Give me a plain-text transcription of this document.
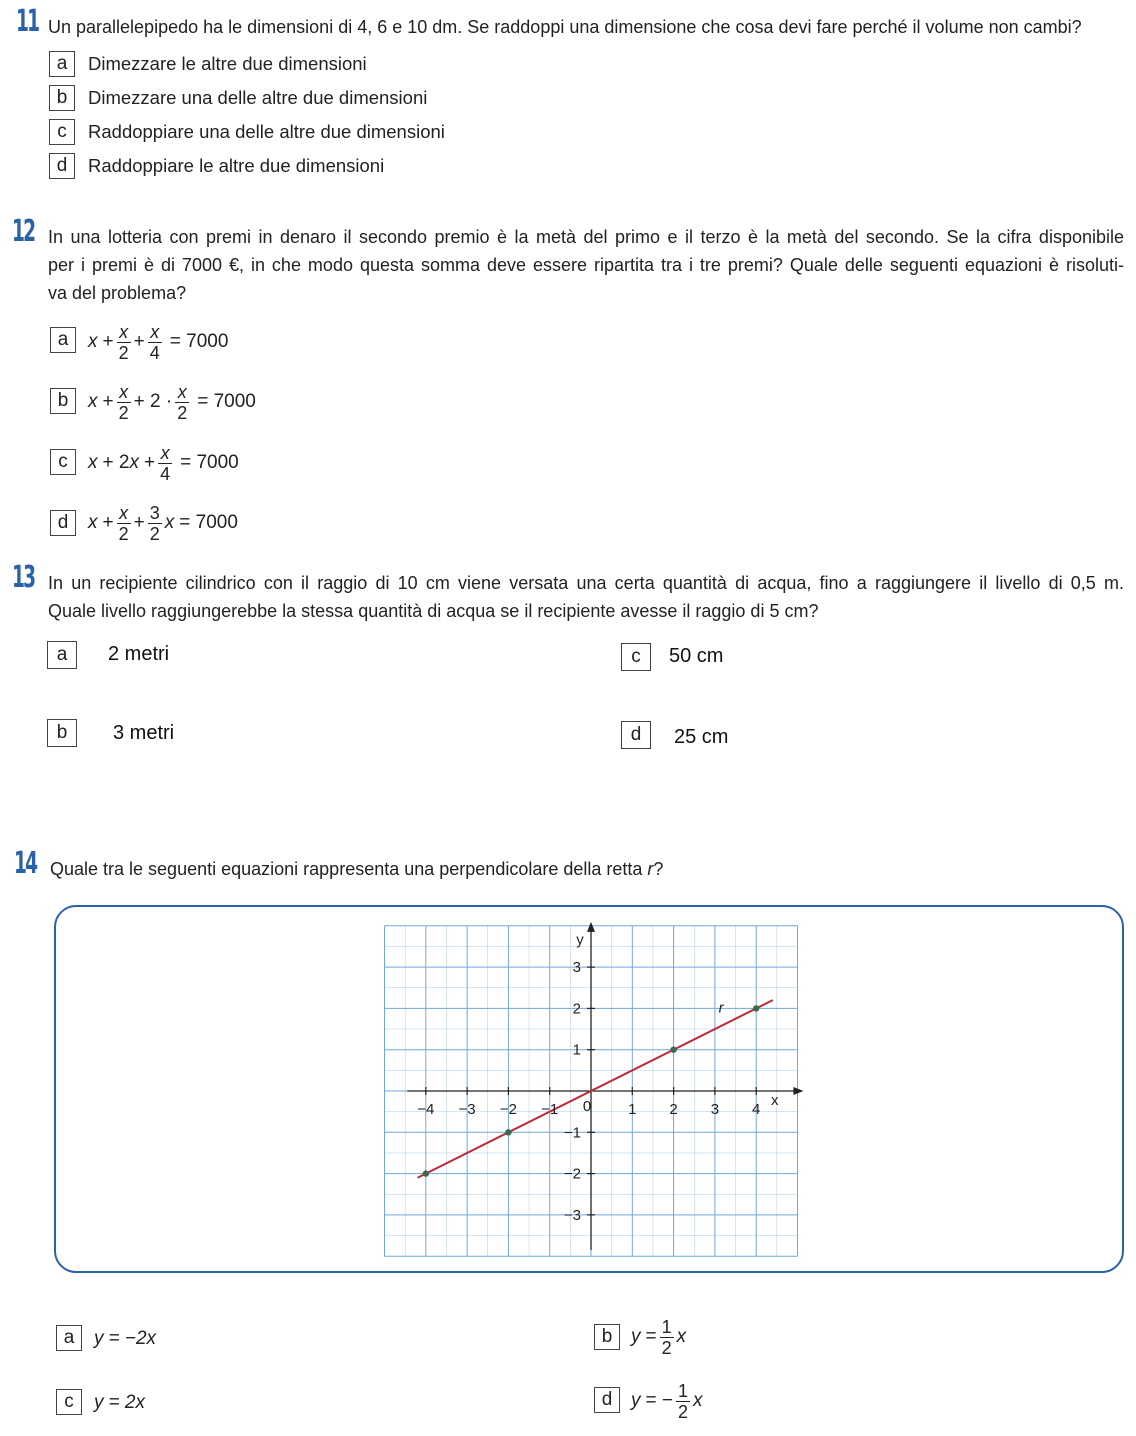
11 Un parallelepipedo ha le dimensioni di 4, 6 e 10 dm. Se raddoppi una dimensione che cosa devi fare perché il volume non cambi?
a	Dimezzare le altre due dimensioni
b	Dimezzare una delle altre due dimensioni
c	Raddoppiare una delle altre due dimensioni
d	Raddoppiare le altre due dimensioni
12 In una lotteria con premi in denaro il secondo premio è la metà del primo e il terzo è la metà del secondo. Se la cifra disponibile
per i premi è di 7000 €, in che modo questa somma deve essere ripartita tra i tre premi? Quale delle seguenti equazioni è risoluti-
va del problema?
a	$x + \frac{x}{2} + \frac{x}{4} = 7000$
b	$x + \frac{x}{2} + 2 \cdot \frac{x}{2} = 7000$
c	x + 2 $x + \frac{x}{4} = 7000$
d	$x + \frac{x}{2} + \frac{3}{2}$ x = 7000
13 In un recipiente cilindrico con il raggio di 10 cm viene versata una certa quantità di acqua, fino a raggiungere il livello di 0,5 m.
Quale livello raggiungerebbe la stessa quantità di acqua se il recipiente avesse il raggio di 5 cm?
a	2 metri
b	3 metri
c	50 cm
d	25 cm
14 Quale tra le seguenti equazioni rappresenta una perpendicolare della retta r?
−4 −3 −2 −1	1 2 3 4
3
2
1
−1
−2
−3
0	x
y
r
a	y = −2x	b $y = \frac{1}{2}$ x
c	y = 2x	d y = − $\frac{1}{2}$ x
